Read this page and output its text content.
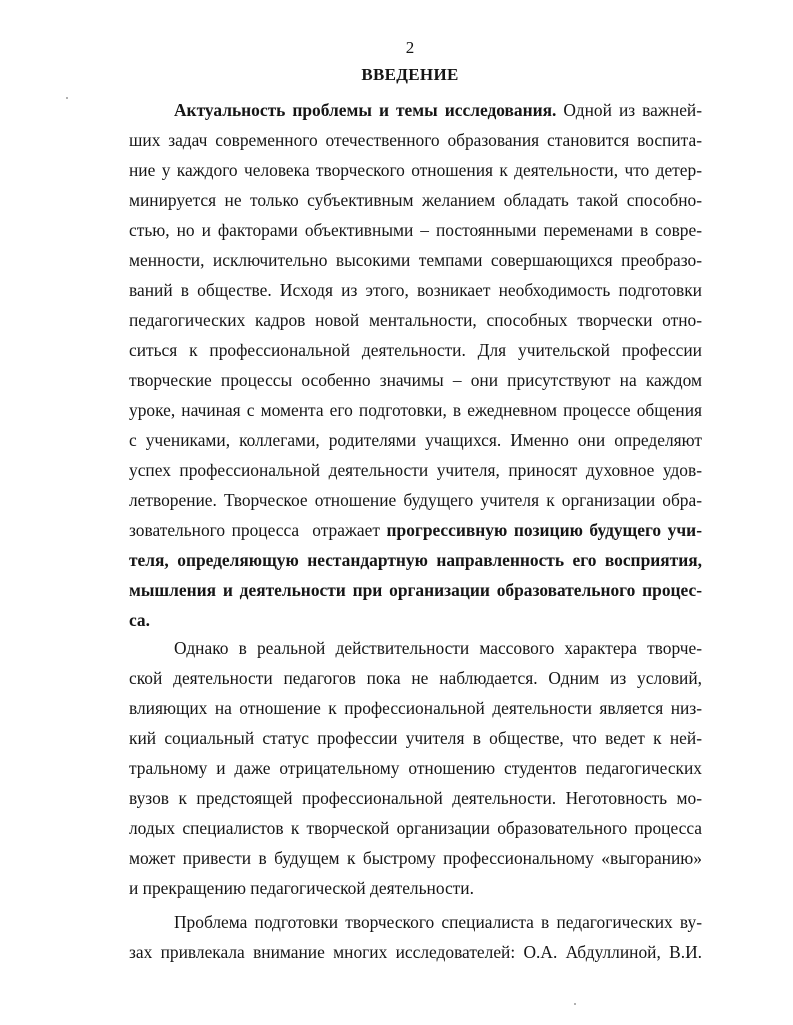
2
ВВЕДЕНИЕ
Актуальность проблемы и темы исследования. Одной из важней-
ших задач современного отечественного образования становится воспита-
ние у каждого человека творческого отношения к деятельности, что детер-
минируется не только субъективным желанием обладать такой способно-
стью, но и факторами объективными – постоянными переменами в совре-
менности, исключительно высокими темпами совершающихся преобразо-
ваний в обществе. Исходя из этого, возникает необходимость подготовки
педагогических кадров новой ментальности, способных творчески отно-
ситься к профессиональной деятельности. Для учительской профессии
творческие процессы особенно значимы – они присутствуют на каждом
уроке, начиная с момента его подготовки, в ежедневном процессе общения
с учениками, коллегами, родителями учащихся. Именно они определяют
успех профессиональной деятельности учителя, приносят духовное удов-
летворение. Творческое отношение будущего учителя к организации обра-
зовательного процесса  отражает прогрессивную позицию будущего учи-
теля, определяющую нестандартную направленность его восприятия,
мышления и деятельности при организации образовательного процес-
са.
Однако в реальной действительности массового характера творче-
ской деятельности педагогов пока не наблюдается. Одним из условий,
влияющих на отношение к профессиональной деятельности является низ-
кий социальный статус профессии учителя в обществе, что ведет к ней-
тральному и даже отрицательному отношению студентов педагогических
вузов к предстоящей профессиональной деятельности. Неготовность мо-
лодых специалистов к творческой организации образовательного процесса
может привести в будущем к быстрому профессиональному «выгоранию»
и прекращению педагогической деятельности.
Проблема подготовки творческого специалиста в педагогических ву-
зах привлекала внимание многих исследователей: О.А. Абдуллиной, В.И.
